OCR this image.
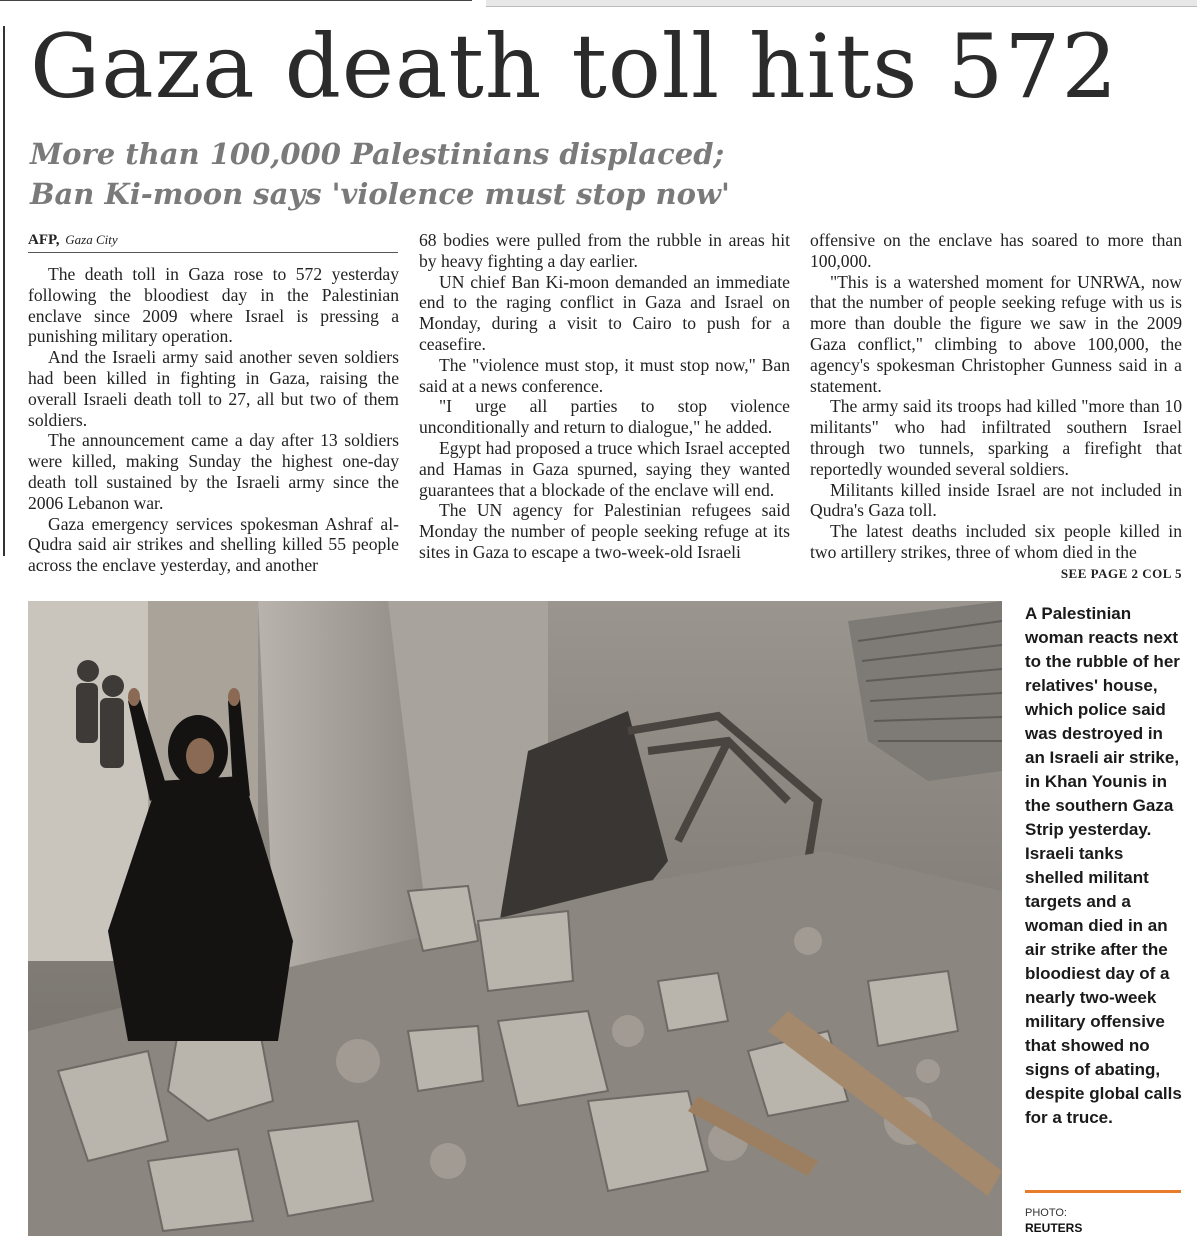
Gaza death toll hits 572
More than 100,000 Palestinians displaced; Ban Ki-moon says 'violence must stop now'
AFP, Gaza City

The death toll in Gaza rose to 572 yesterday following the bloodiest day in the Palestinian enclave since 2009 where Israel is pressing a punishing military operation.

And the Israeli army said another seven soldiers had been killed in fighting in Gaza, raising the overall Israeli death toll to 27, all but two of them soldiers.

The announcement came a day after 13 soldiers were killed, making Sunday the highest one-day death toll sustained by the Israeli army since the 2006 Lebanon war.

Gaza emergency services spokesman Ashraf al-Qudra said air strikes and shelling killed 55 people across the enclave yesterday, and another

68 bodies were pulled from the rubble in areas hit by heavy fighting a day earlier.

UN chief Ban Ki-moon demanded an immediate end to the raging conflict in Gaza and Israel on Monday, during a visit to Cairo to push for a ceasefire.

The "violence must stop, it must stop now," Ban said at a news conference.

"I urge all parties to stop violence unconditionally and return to dialogue," he added.

Egypt had proposed a truce which Israel accepted and Hamas in Gaza spurned, saying they wanted guarantees that a blockade of the enclave will end.

The UN agency for Palestinian refugees said Monday the number of people seeking refuge at its sites in Gaza to escape a two-week-old Israeli

offensive on the enclave has soared to more than 100,000.

"This is a watershed moment for UNRWA, now that the number of people seeking refuge with us is more than double the figure we saw in the 2009 Gaza conflict," climbing to above 100,000, the agency's spokesman Christopher Gunness said in a statement.

The army said its troops had killed "more than 10 militants" who had infiltrated southern Israel through two tunnels, sparking a firefight that reportedly wounded several soldiers.

Militants killed inside Israel are not included in Qudra's Gaza toll.

The latest deaths included six people killed in two artillery strikes, three of whom died in the

SEE PAGE 2 COL 5
A Palestinian woman reacts next to the rubble of her relatives' house, which police said was destroyed in an Israeli air strike, in Khan Younis in the southern Gaza Strip yesterday. Israeli tanks shelled militant targets and a woman died in an air strike after the bloodiest day of a nearly two-week military offensive that showed no signs of abating, despite global calls for a truce.
PHOTO:
REUTERS
